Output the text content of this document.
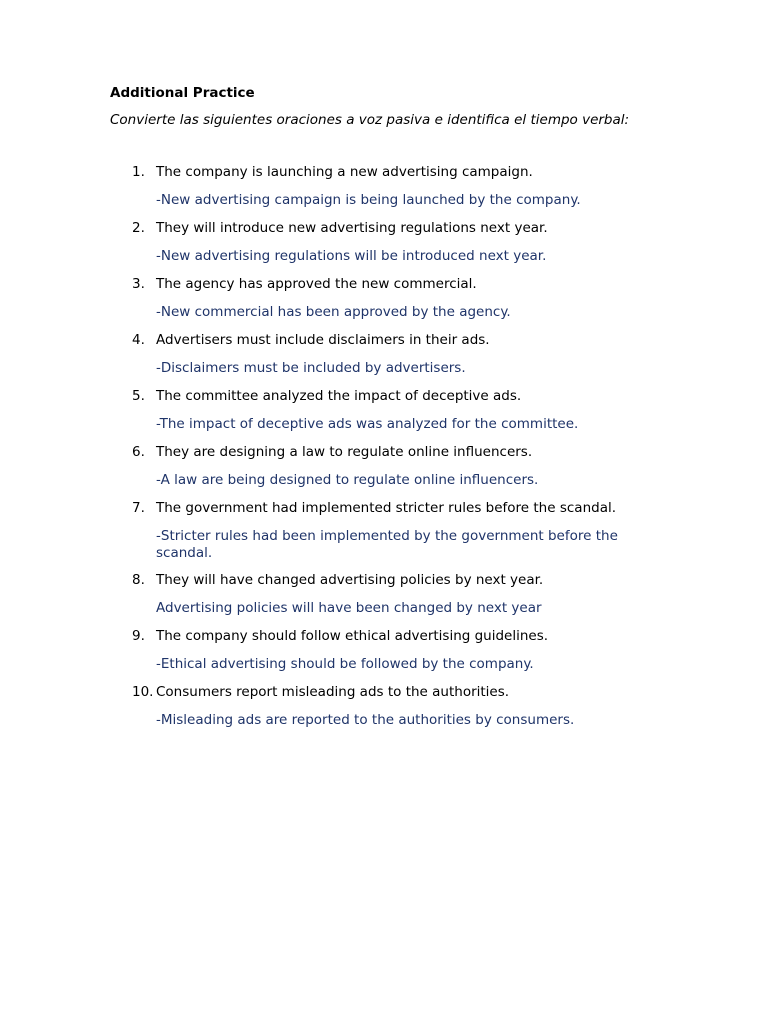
Additional Practice
Convierte las siguientes oraciones a voz pasiva e identifica el tiempo verbal:
1. The company is launching a new advertising campaign.
-New advertising campaign is being launched by the company.
2. They will introduce new advertising regulations next year.
-New advertising regulations will be introduced next year.
3. The agency has approved the new commercial.
-New commercial has been approved by the agency.
4. Advertisers must include disclaimers in their ads.
-Disclaimers must be included by advertisers.
5. The committee analyzed the impact of deceptive ads.
-The impact of deceptive ads was analyzed for the committee.
6. They are designing a law to regulate online influencers.
-A law are being designed to regulate online influencers.
7. The government had implemented stricter rules before the scandal.
-Stricter rules had been implemented by the government before the scandal.
8. They will have changed advertising policies by next year.
Advertising policies will have been changed by next year
9. The company should follow ethical advertising guidelines.
-Ethical advertising should be followed by the company.
10. Consumers report misleading ads to the authorities.
-Misleading ads are reported to the authorities by consumers.
